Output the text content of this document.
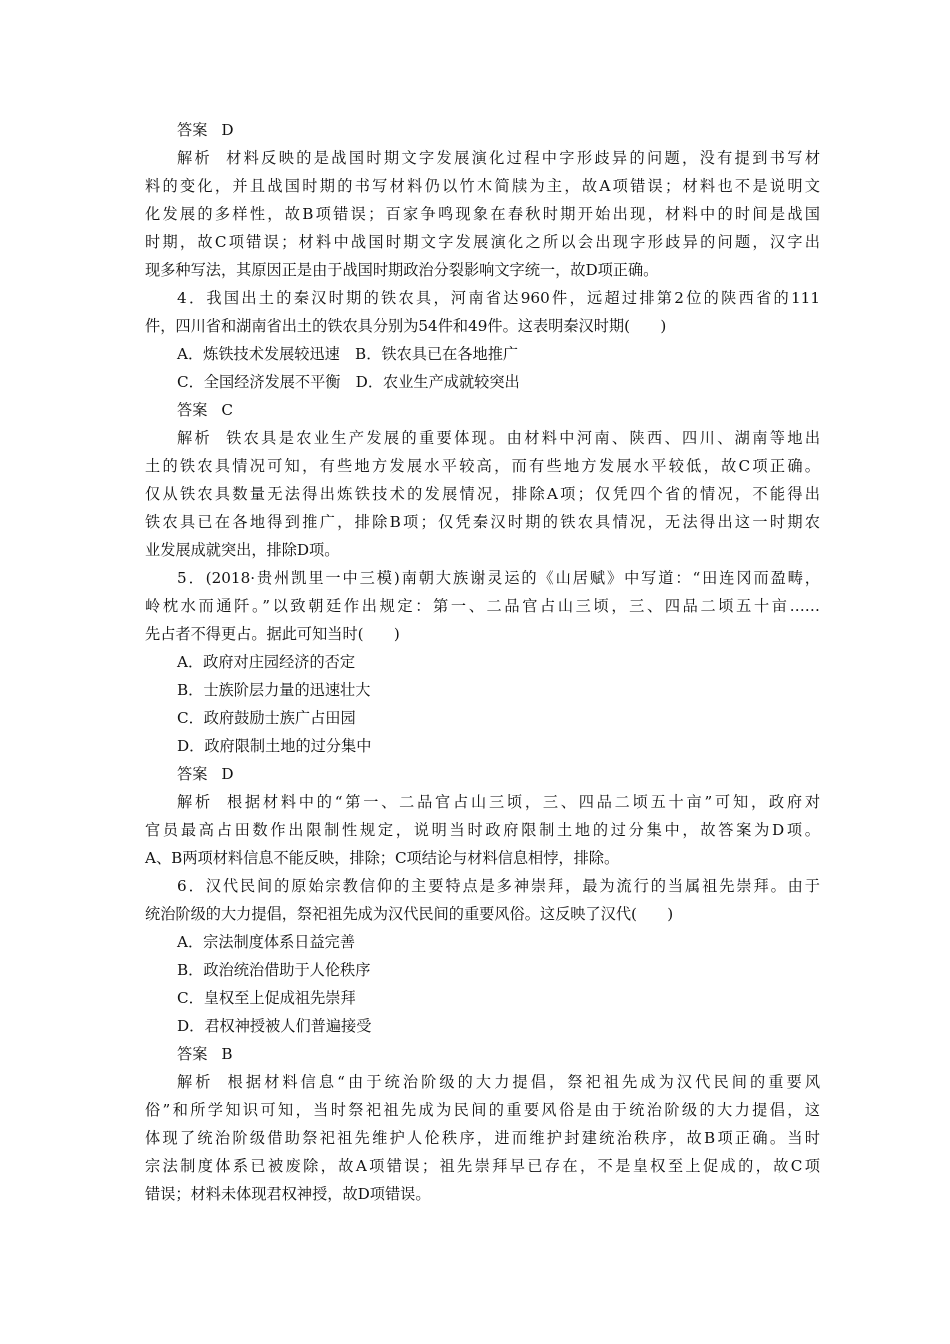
答案 D
解析 材料反映的是战国时期文字发展演化过程中字形歧异的问题，没有提到书写材
料的变化，并且战国时期的书写材料仍以竹木简牍为主，故A项错误；材料也不是说明文
化发展的多样性，故B项错误；百家争鸣现象在春秋时期开始出现，材料中的时间是战国
时期，故C项错误；材料中战国时期文字发展演化之所以会出现字形歧异的问题，汉字出
现多种写法，其原因正是由于战国时期政治分裂影响文字统一，故D项正确。
4．我国出土的秦汉时期的铁农具，河南省达960件，远超过排第2位的陕西省的111
件，四川省和湖南省出土的铁农具分别为54件和49件。这表明秦汉时期(　　)
A．炼铁技术发展较迅速　B．铁农具已在各地推广
C．全国经济发展不平衡　D．农业生产成就较突出
答案 C
解析 铁农具是农业生产发展的重要体现。由材料中河南、陕西、四川、湖南等地出
土的铁农具情况可知，有些地方发展水平较高，而有些地方发展水平较低，故C项正确。
仅从铁农具数量无法得出炼铁技术的发展情况，排除A项；仅凭四个省的情况，不能得出
铁农具已在各地得到推广，排除B项；仅凭秦汉时期的铁农具情况，无法得出这一时期农
业发展成就突出，排除D项。
5．(2018·贵州凯里一中三模)南朝大族谢灵运的《山居赋》中写道：“田连冈而盈畴，
岭枕水而通阡。”以致朝廷作出规定：第一、二品官占山三顷，三、四品二顷五十亩……
先占者不得更占。据此可知当时(　　)
A．政府对庄园经济的否定
B．士族阶层力量的迅速壮大
C．政府鼓励士族广占田园
D．政府限制土地的过分集中
答案 D
解析 根据材料中的“第一、二品官占山三顷，三、四品二顷五十亩”可知，政府对
官员最高占田数作出限制性规定，说明当时政府限制土地的过分集中，故答案为D项。
A、B两项材料信息不能反映，排除；C项结论与材料信息相悖，排除。
6．汉代民间的原始宗教信仰的主要特点是多神崇拜，最为流行的当属祖先崇拜。由于
统治阶级的大力提倡，祭祀祖先成为汉代民间的重要风俗。这反映了汉代(　　)
A．宗法制度体系日益完善
B．政治统治借助于人伦秩序
C．皇权至上促成祖先崇拜
D．君权神授被人们普遍接受
答案 B
解析 根据材料信息“由于统治阶级的大力提倡，祭祀祖先成为汉代民间的重要风
俗”和所学知识可知，当时祭祀祖先成为民间的重要风俗是由于统治阶级的大力提倡，这
体现了统治阶级借助祭祀祖先维护人伦秩序，进而维护封建统治秩序，故B项正确。当时
宗法制度体系已被废除，故A项错误；祖先崇拜早已存在，不是皇权至上促成的，故C项
错误；材料未体现君权神授，故D项错误。
